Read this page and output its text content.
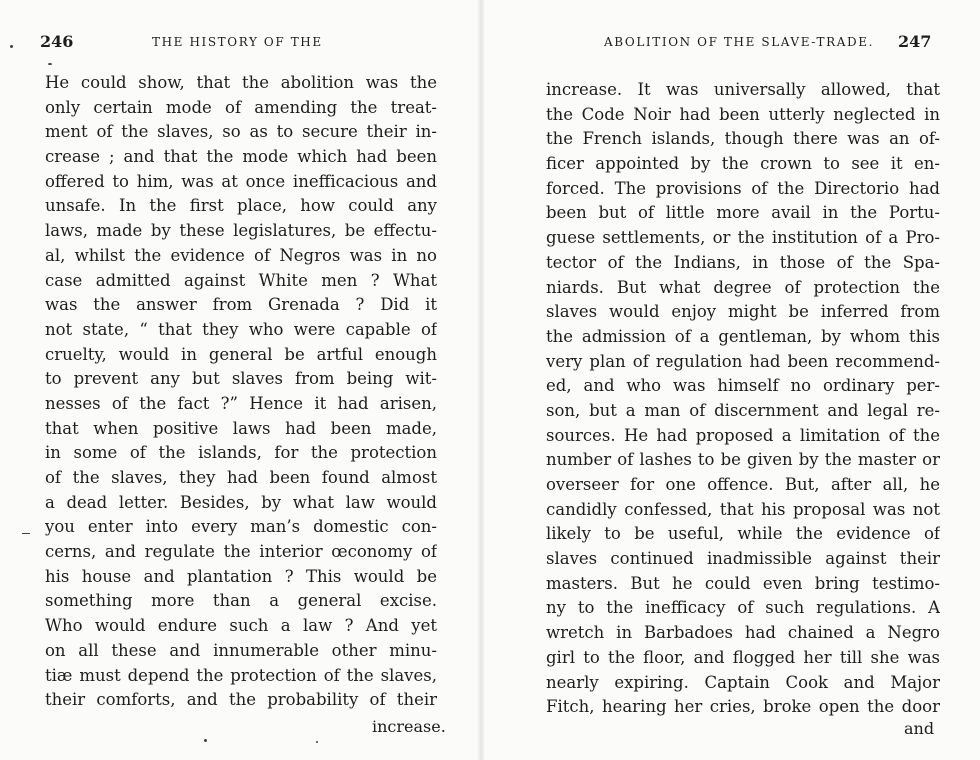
246	THE HISTORY OF THE
He could show, that the abolition was the
only certain mode of amending the treat-
ment of the slaves, so as to secure their in-
crease ; and that the mode which had been
offered to him, was at once inefficacious and
unsafe. In the first place, how could any
laws, made by these legislatures, be effectu-
al, whilst the evidence of Negros was in no
case admitted against White men ? What
was the answer from Grenada ? Did it
not state, “ that they who were capable of
cruelty, would in general be artful enough
to prevent any but slaves from being wit-
nesses of the fact ?” Hence it had arisen,
that when positive laws had been made,
in some of the islands, for the protection
of the slaves, they had been found almost
a dead letter. Besides, by what law would
you enter into every man’s domestic con-
cerns, and regulate the interior œconomy of
his house and plantation ? This would be
something more than a general excise.
Who would endure such a law ? And yet
on all these and innumerable other minu-
tiæ must depend the protection of the slaves,
their comforts, and the probability of their
increase.
ABOLITION OF THE SLAVE-TRADE. 247
increase. It was universally allowed, that
the Code Noir had been utterly neglected in
the French islands, though there was an of-
ficer appointed by the crown to see it en-
forced. The provisions of the Directorio had
been but of little more avail in the Portu-
guese settlements, or the institution of a Pro-
tector of the Indians, in those of the Spa-
niards. But what degree of protection the
slaves would enjoy might be inferred from
the admission of a gentleman, by whom this
very plan of regulation had been recommend-
ed, and who was himself no ordinary per-
son, but a man of discernment and legal re-
sources. He had proposed a limitation of the
number of lashes to be given by the master or
overseer for one offence. But, after all, he
candidly confessed, that his proposal was not
likely to be useful, while the evidence of
slaves continued inadmissible against their
masters. But he could even bring testimo-
ny to the inefficacy of such regulations. A
wretch in Barbadoes had chained a Negro
girl to the floor, and flogged her till she was
nearly expiring. Captain Cook and Major
Fitch, hearing her cries, broke open the door
and
